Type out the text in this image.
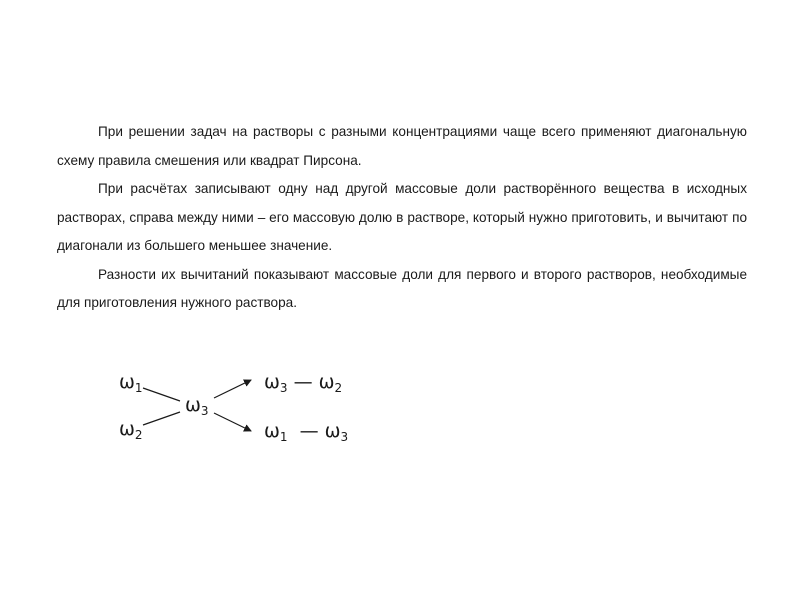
При решении задач на растворы с разными концентрациями чаще всего применяют диагональную схему правила смешения или квадрат Пирсона.

При расчётах записывают одну над другой массовые доли растворённого вещества в исходных растворах, справа между ними – его массовую долю в растворе, который нужно приготовить, и вычитают по диагонали из большего меньшее значение.

Разности их вычитаний показывают массовые доли для первого и второго растворов, необходимые для приготовления нужного раствора.

$\omega_1$
$\omega_2$
$\omega_3$
$\omega_3$ — $\omega_2$
$\omega_1$ — $\omega_3$
